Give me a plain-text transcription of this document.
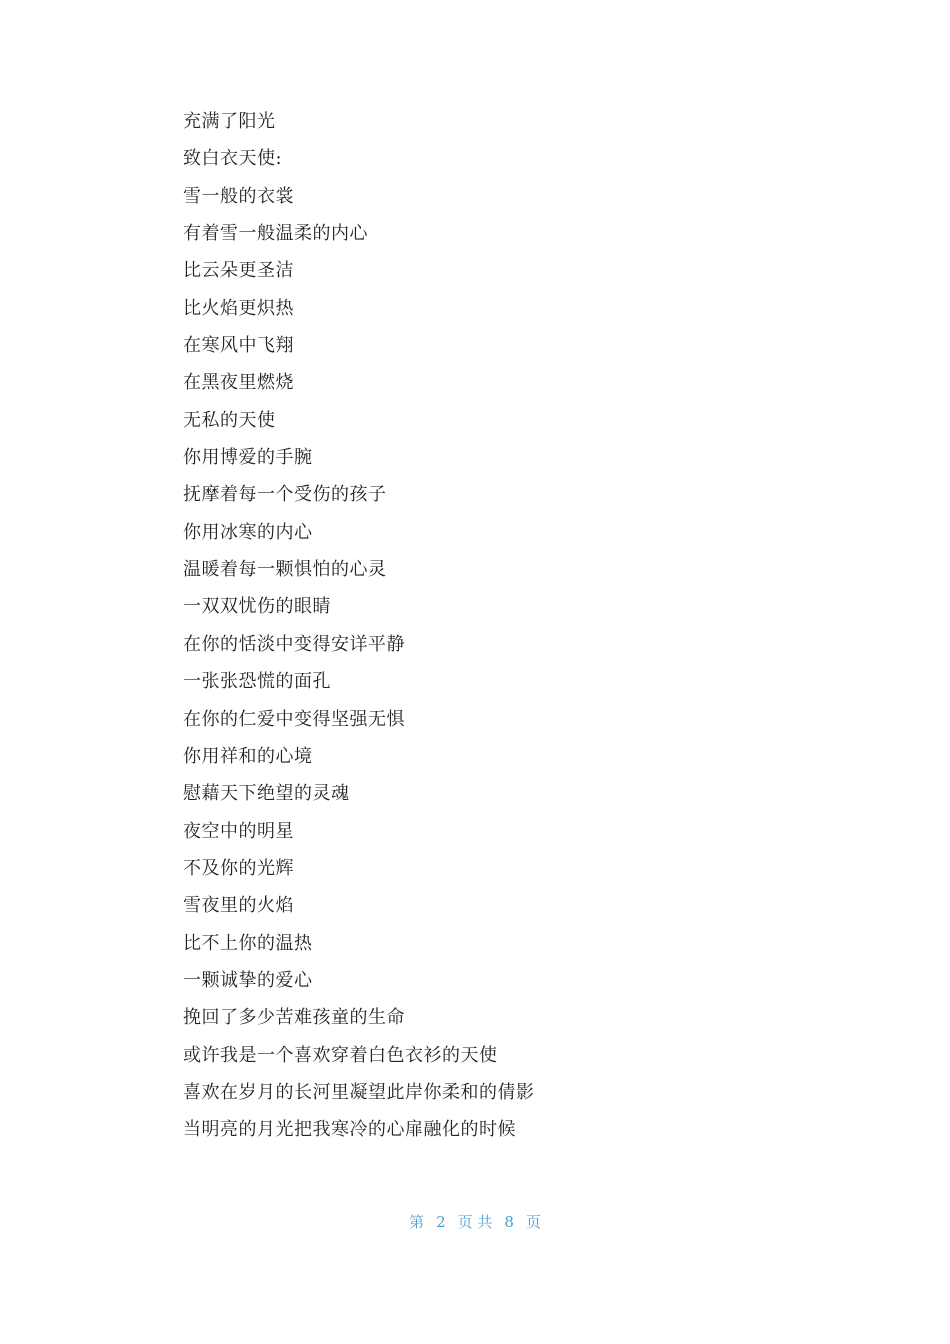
充满了阳光
致白衣天使:
雪一般的衣裳
有着雪一般温柔的内心
比云朵更圣洁
比火焰更炽热
在寒风中飞翔
在黑夜里燃烧
无私的天使
你用博爱的手腕
抚摩着每一个受伤的孩子
你用冰寒的内心
温暖着每一颗惧怕的心灵
一双双忧伤的眼睛
在你的恬淡中变得安详平静
一张张恐慌的面孔
在你的仁爱中变得坚强无惧
你用祥和的心境
慰藉天下绝望的灵魂
夜空中的明星
不及你的光辉
雪夜里的火焰
比不上你的温热
一颗诚挚的爱心
挽回了多少苦难孩童的生命
或许我是一个喜欢穿着白色衣衫的天使
喜欢在岁月的长河里凝望此岸你柔和的倩影
当明亮的月光把我寒冷的心扉融化的时候
第 2 页 共 8 页
